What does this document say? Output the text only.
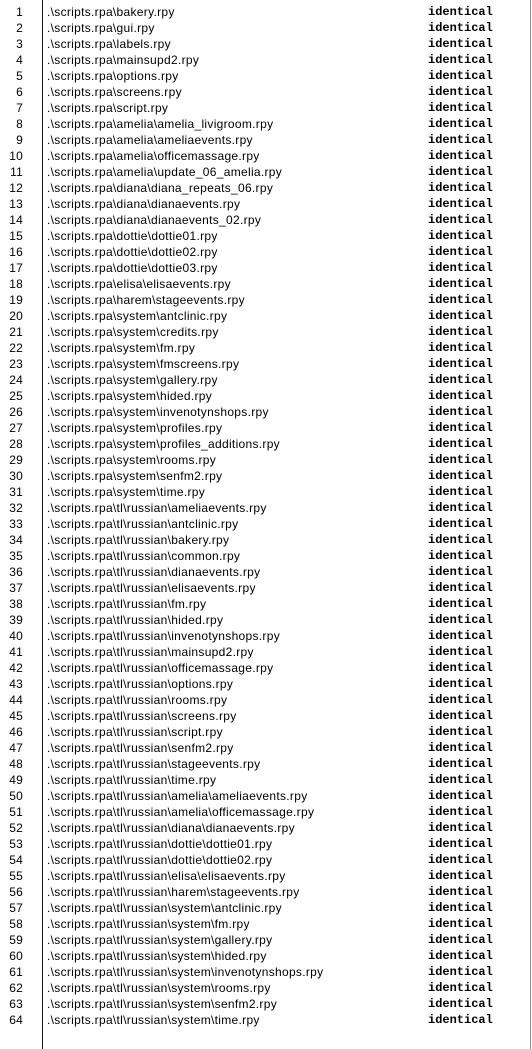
1 .\scripts.rpa\bakery.rpy	identical
2 .\scripts.rpa\gui.rpy	identical
3 .\scripts.rpa\labels.rpy	identical
4 .\scripts.rpa\mainsupd2.rpy	identical
5 .\scripts.rpa\options.rpy	identical
6 .\scripts.rpa\screens.rpy	identical
7 .\scripts.rpa\script.rpy	identical
8 .\scripts.rpa\amelia\amelia_livigroom.rpy	identical
9 .\scripts.rpa\amelia\ameliaevents.rpy	identical
10 .\scripts.rpa\amelia\officemassage.rpy	identical
11 .\scripts.rpa\amelia\update_06_amelia.rpy	identical
12 .\scripts.rpa\diana\diana_repeats_06.rpy	identical
13 .\scripts.rpa\diana\dianaevents.rpy	identical
14 .\scripts.rpa\diana\dianaevents_02.rpy	identical
15 .\scripts.rpa\dottie\dottie01.rpy	identical
16 .\scripts.rpa\dottie\dottie02.rpy	identical
17 .\scripts.rpa\dottie\dottie03.rpy	identical
18 .\scripts.rpa\elisa\elisaevents.rpy	identical
19 .\scripts.rpa\harem\stageevents.rpy	identical
20 .\scripts.rpa\system\antclinic.rpy	identical
21 .\scripts.rpa\system\credits.rpy	identical
22 .\scripts.rpa\system\fm.rpy	identical
23 .\scripts.rpa\system\fmscreens.rpy	identical
24 .\scripts.rpa\system\gallery.rpy	identical
25 .\scripts.rpa\system\hided.rpy	identical
26 .\scripts.rpa\system\invenotynshops.rpy	identical
27 .\scripts.rpa\system\profiles.rpy	identical
28 .\scripts.rpa\system\profiles_additions.rpy	identical
29 .\scripts.rpa\system\rooms.rpy	identical
30 .\scripts.rpa\system\senfm2.rpy	identical
31 .\scripts.rpa\system\time.rpy	identical
32 .\scripts.rpa\tl\russian\ameliaevents.rpy	identical
33 .\scripts.rpa\tl\russian\antclinic.rpy	identical
34 .\scripts.rpa\tl\russian\bakery.rpy	identical
35 .\scripts.rpa\tl\russian\common.rpy	identical
36 .\scripts.rpa\tl\russian\dianaevents.rpy	identical
37 .\scripts.rpa\tl\russian\elisaevents.rpy	identical
38 .\scripts.rpa\tl\russian\fm.rpy	identical
39 .\scripts.rpa\tl\russian\hided.rpy	identical
40 .\scripts.rpa\tl\russian\invenotynshops.rpy	identical
41 .\scripts.rpa\tl\russian\mainsupd2.rpy	identical
42 .\scripts.rpa\tl\russian\officemassage.rpy	identical
43 .\scripts.rpa\tl\russian\options.rpy	identical
44 .\scripts.rpa\tl\russian\rooms.rpy	identical
45 .\scripts.rpa\tl\russian\screens.rpy	identical
46 .\scripts.rpa\tl\russian\script.rpy	identical
47 .\scripts.rpa\tl\russian\senfm2.rpy	identical
48 .\scripts.rpa\tl\russian\stageevents.rpy	identical
49 .\scripts.rpa\tl\russian\time.rpy	identical
50 .\scripts.rpa\tl\russian\amelia\ameliaevents.rpy	identical
51 .\scripts.rpa\tl\russian\amelia\officemassage.rpy	identical
52 .\scripts.rpa\tl\russian\diana\dianaevents.rpy	identical
53 .\scripts.rpa\tl\russian\dottie\dottie01.rpy	identical
54 .\scripts.rpa\tl\russian\dottie\dottie02.rpy	identical
55 .\scripts.rpa\tl\russian\elisa\elisaevents.rpy	identical
56 .\scripts.rpa\tl\russian\harem\stageevents.rpy	identical
57 .\scripts.rpa\tl\russian\system\antclinic.rpy	identical
58 .\scripts.rpa\tl\russian\system\fm.rpy	identical
59 .\scripts.rpa\tl\russian\system\gallery.rpy	identical
60 .\scripts.rpa\tl\russian\system\hided.rpy	identical
61 .\scripts.rpa\tl\russian\system\invenotynshops.rpy	identical
62 .\scripts.rpa\tl\russian\system\rooms.rpy	identical
63 .\scripts.rpa\tl\russian\system\senfm2.rpy	identical
64 .\scripts.rpa\tl\russian\system\time.rpy	identical
